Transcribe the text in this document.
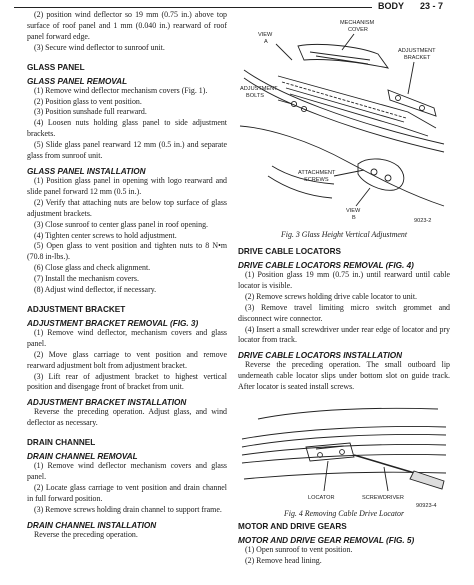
BODY 23 - 7

(2) position wind deflector so 19 mm (0.75 in.) above top surface of roof panel and 1 mm (0.040 in.) rearward of roof panel forward edge.

(3) Secure wind deflector to sunroof unit.

GLASS PANEL
GLASS PANEL REMOVAL

(1) Remove wind deflector mechanism covers (Fig. 1).

(2) Position glass to vent position.

(3) Position sunshade full rearward.

(4) Loosen nuts holding glass panel to side adjustment brackets.

(5) Slide glass panel rearward 12 mm (0.5 in.) and separate glass from sunroof unit.

GLASS PANEL INSTALLATION

(1) Position glass panel in opening with logo rearward and slide panel forward 12 mm (0.5 in.).

(2) Verify that attaching nuts are below top surface of glass adjustment brackets.

(3) Close sunroof to center glass panel in roof opening.

(4) Tighten center screws to hold adjustment.

(5) Open glass to vent position and tighten nuts to 8 N•m (70.8 in-lbs.).

(6) Close glass and check alignment.

(7) Install the mechanism covers.

(8) Adjust wind deflector, if necessary.

ADJUSTMENT BRACKET
ADJUSTMENT BRACKET REMOVAL (FIG. 3)

(1) Remove wind deflector, mechanism covers and glass panel.

(2) Move glass carriage to vent position and remove rearward adjustment bolt from adjustment bracket.

(3) Lift rear of adjustment bracket to highest vertical position and disengage front of bracket from unit.

ADJUSTMENT BRACKET INSTALLATION

Reverse the preceding operation. Adjust glass, and wind deflector as necessary.

DRAIN CHANNEL
DRAIN CHANNEL REMOVAL

(1) Remove wind deflector mechanism covers and glass panel.

(2) Locate glass carriage to vent position and drain channel in full forward position.

(3) Remove screws holding drain channel to support frame.

DRAIN CHANNEL INSTALLATION

Reverse the preceding operation.

VIEW
A
MECHANISM
COVER
ADJUSTMENT
BRACKET
ADJUSTMENT
BOLTS
ATTACHMENT
SCREWS
VIEW
B	9023-2
Fig. 3 Glass Height Vertical Adjustment
DRIVE CABLE LOCATORS
DRIVE CABLE LOCATORS REMOVAL (FIG. 4)

(1) Position glass 19 mm (0.75 in.) until rearward until cable locator is visible.

(2) Remove screws holding drive cable locator to unit.

(3) Remove travel limiting micro switch grommet and disconnect wire connector.

(4) Insert a small screwdriver under rear edge of locator and pry locator from track.

DRIVE CABLE LOCATORS INSTALLATION

Reverse the preceding operation. The small outboard lip underneath cable locator slips under bottom slot on guide track. After locator is seated install screws.

LOCATOR	SCREWDRIVER
90923-4
Fig. 4 Removing Cable Drive Locator
MOTOR AND DRIVE GEARS
MOTOR AND DRIVE GEAR REMOVAL (FIG. 5)

(1) Open sunroof to vent position.

(2) Remove head lining.
